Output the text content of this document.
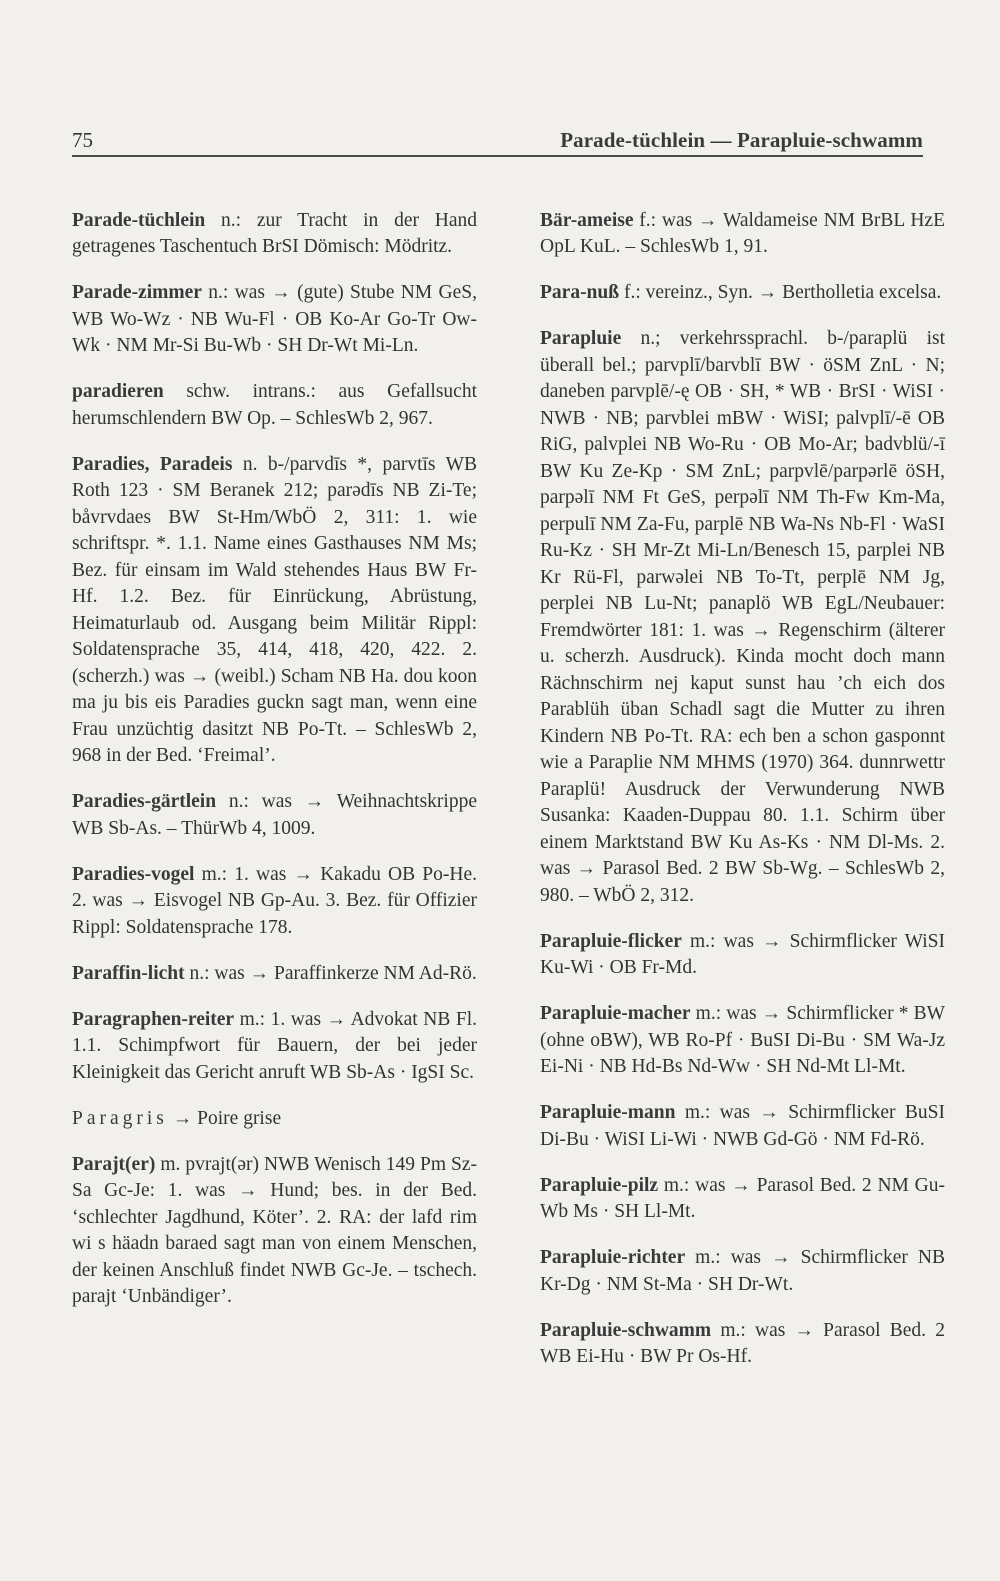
75	Parade-tüchlein — Parapluie-schwamm

Parade-tüchlein n.: zur Tracht in der Hand getragenes Taschentuch BrSI Dömisch: Mödritz.

Parade-zimmer n.: was → (gute) Stube NM GeS, WB Wo-Wz · NB Wu-Fl · OB Ko-Ar Go-Tr Ow-Wk · NM Mr-Si Bu-Wb · SH Dr-Wt Mi-Ln.

paradieren schw. intrans.: aus Gefallsucht herumschlendern BW Op. – SchlesWb 2, 967.

Paradies, Paradeis n. b-/parvdīs *, parvtīs WB Roth 123 · SM Beranek 212; parədīs NB Zi-Te; båvrvdaes BW St-Hm/WbÖ 2, 311: 1. wie schriftspr. *. 1.1. Name eines Gasthauses NM Ms; Bez. für einsam im Wald stehendes Haus BW Fr-Hf. 1.2. Bez. für Einrückung, Abrüstung, Heimaturlaub od. Ausgang beim Militär Rippl: Soldatensprache 35, 414, 418, 420, 422. 2. (scherzh.) was → (weibl.) Scham NB Ha. dou koon ma ju bis eis Paradies guckn sagt man, wenn eine Frau unzüchtig dasitzt NB Po-Tt. – SchlesWb 2, 968 in der Bed. ‘Freimal’.

Paradies-gärtlein n.: was → Weihnachtskrippe WB Sb-As. – ThürWb 4, 1009.

Paradies-vogel m.: 1. was → Kakadu OB Po-He. 2. was → Eisvogel NB Gp-Au. 3. Bez. für Offizier Rippl: Soldatensprache 178.

Paraffin-licht n.: was → Paraffinkerze NM Ad-Rö.

Paragraphen-reiter m.: 1. was → Advokat NB Fl. 1.1. Schimpfwort für Bauern, der bei jeder Kleinigkeit das Gericht anruft WB Sb-As · IgSI Sc.

Paragris → Poire grise

Parajt(er) m. pvrajt(ər) NWB Wenisch 149 Pm Sz-Sa Gc-Je: 1. was → Hund; bes. in der Bed. ‘schlechter Jagdhund, Köter’. 2. RA: der lafd rim wi s häadn baraed sagt man von einem Menschen, der keinen Anschluß findet NWB Gc-Je. – tschech. parajt ‘Unbändiger’.

Bär-ameise f.: was → Waldameise NM BrBL HzE OpL KuL. – SchlesWb 1, 91.

Para-nuß f.: vereinz., Syn. → Bertholletia excelsa.

Parapluie n.; verkehrssprachl. b-/paraplü ist überall bel.; parvplī/barvblī BW · öSM ZnL · N; daneben parvplē/-ę OB · SH, * WB · BrSI · WiSI · NWB · NB; parvblei mBW · WiSI; palvplī/-ē OB RiG, palvplei NB Wo-Ru · OB Mo-Ar; badvblü/-ī BW Ku Ze-Kp · SM ZnL; parpvlē/parpərlē öSH, parpəlī NM Ft GeS, perpəlī NM Th-Fw Km-Ma, perpulī NM Za-Fu, parplē NB Wa-Ns Nb-Fl · WaSI Ru-Kz · SH Mr-Zt Mi-Ln/Benesch 15, parplei NB Kr Rü-Fl, parwəlei NB To-Tt, perplē NM Jg, perplei NB Lu-Nt; panaplö WB EgL/Neubauer: Fremdwörter 181: 1. was → Regenschirm (älterer u. scherzh. Ausdruck). Kinda mocht doch mann Rächnschirm nej kaput sunst hau ’ch eich dos Parablüh üban Schadl sagt die Mutter zu ihren Kindern NB Po-Tt. RA: ech ben a schon gasponnt wie a Paraplie NM MHMS (1970) 364. dunnrwettr Paraplü! Ausdruck der Verwunderung NWB Susanka: Kaaden-Duppau 80. 1.1. Schirm über einem Marktstand BW Ku As-Ks · NM Dl-Ms. 2. was → Parasol Bed. 2 BW Sb-Wg. – SchlesWb 2, 980. – WbÖ 2, 312.

Parapluie-flicker m.: was → Schirmflicker WiSI Ku-Wi · OB Fr-Md.

Parapluie-macher m.: was → Schirmflicker * BW (ohne oBW), WB Ro-Pf · BuSI Di-Bu · SM Wa-Jz Ei-Ni · NB Hd-Bs Nd-Ww · SH Nd-Mt Ll-Mt.

Parapluie-mann m.: was → Schirmflicker BuSI Di-Bu · WiSI Li-Wi · NWB Gd-Gö · NM Fd-Rö.

Parapluie-pilz m.: was → Parasol Bed. 2 NM Gu-Wb Ms · SH Ll-Mt.

Parapluie-richter m.: was → Schirmflicker NB Kr-Dg · NM St-Ma · SH Dr-Wt.

Parapluie-schwamm m.: was → Parasol Bed. 2 WB Ei-Hu · BW Pr Os-Hf.
